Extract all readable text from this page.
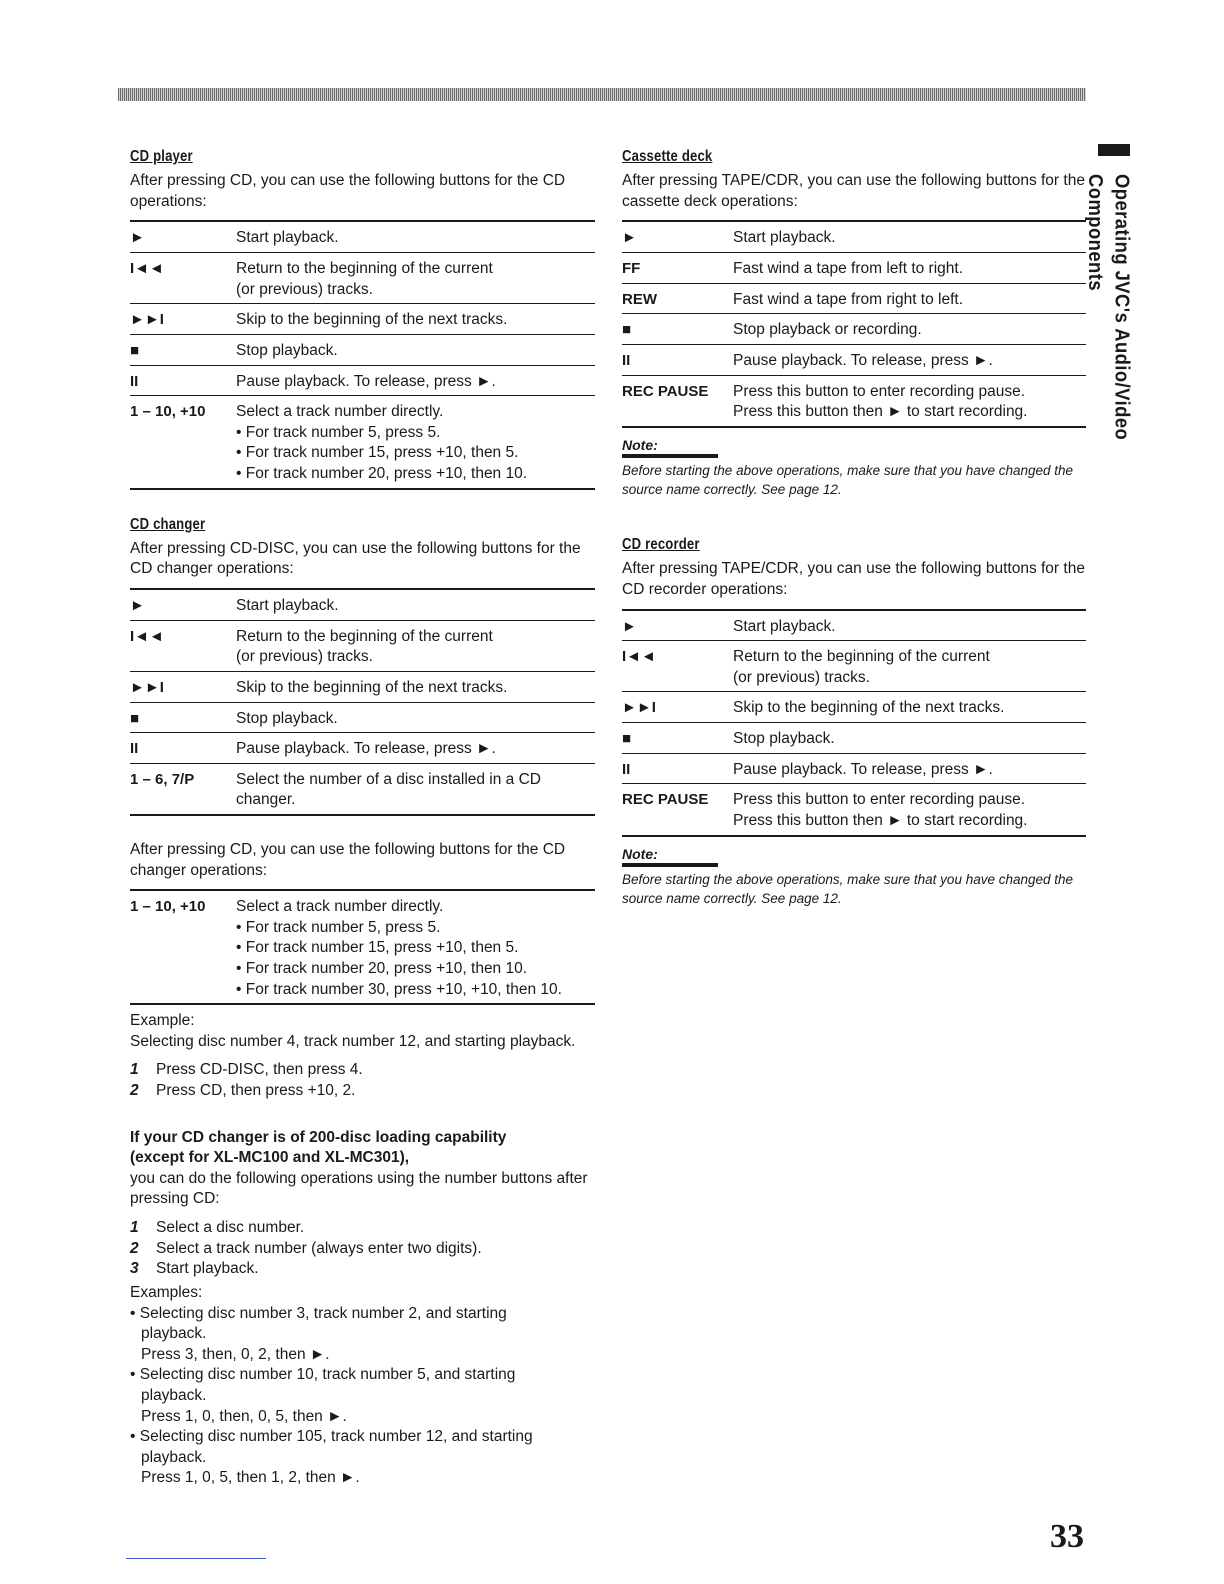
Operating JVC's Audio/Video Components
CD player

After pressing CD, you can use the following buttons for the CD operations:

►	Start playback.
I◄◄	Return to the beginning of the current
(or previous) tracks.

►►I	Skip to the beginning of the next tracks.
■	Stop playback.
II	Pause playback. To release, press ►.
1 – 10, +10	Select a track number directly.
• For track number 5, press 5.
• For track number 15, press +10, then 5.
• For track number 20, press +10, then 10.
CD changer

After pressing CD-DISC, you can use the following buttons for the CD changer operations:

►	Start playback.
I◄◄	Return to the beginning of the current
(or previous) tracks.

►►I	Skip to the beginning of the next tracks.
■	Stop playback.
II	Pause playback. To release, press ►.
1 – 6, 7/P	Select the number of a disc installed in a CD
changer.

After pressing CD, you can use the following buttons for the CD changer operations:

1 – 10, +10	Select a track number directly.
• For track number 5, press 5.
• For track number 15, press +10, then 5.
• For track number 20, press +10, then 10.
• For track number 30, press +10, +10, then 10.

Example:

Selecting disc number 4, track number 12, and starting playback.

1	Press CD-DISC, then press 4.
2	Press CD, then press +10, 2.

If your CD changer is of 200-disc loading capability

(except for XL-MC100 and XL-MC301),

you can do the following operations using the number buttons after pressing CD:

1	Select a disc number.
2	Select a track number (always enter two digits).
3	Start playback.

Examples:

• Selecting disc number 3, track number 2, and starting
playback.
Press 3, then, 0, 2, then ►.
• Selecting disc number 10, track number 5, and starting
playback.
Press 1, 0, then, 0, 5, then ►.
• Selecting disc number 105, track number 12, and starting
playback.
Press 1, 0, 5, then 1, 2, then ►.
Cassette deck

After pressing TAPE/CDR, you can use the following buttons for the cassette deck operations:

►	Start playback.
FF	Fast wind a tape from left to right.
REW	Fast wind a tape from right to left.
■	Stop playback or recording.
II	Pause playback. To release, press ►.
REC PAUSE	Press this button to enter recording pause.
Press this button then ► to start recording.
Note:

Before starting the above operations, make sure that you have changed the source name correctly. See page 12.

CD recorder

After pressing TAPE/CDR, you can use the following buttons for the CD recorder operations:

►	Start playback.
I◄◄	Return to the beginning of the current
(or previous) tracks.

►►I	Skip to the beginning of the next tracks.
■	Stop playback.
II	Pause playback. To release, press ►.
REC PAUSE	Press this button to enter recording pause.
Press this button then ► to start recording.
Note:

Before starting the above operations, make sure that you have changed the source name correctly. See page 12.

33
